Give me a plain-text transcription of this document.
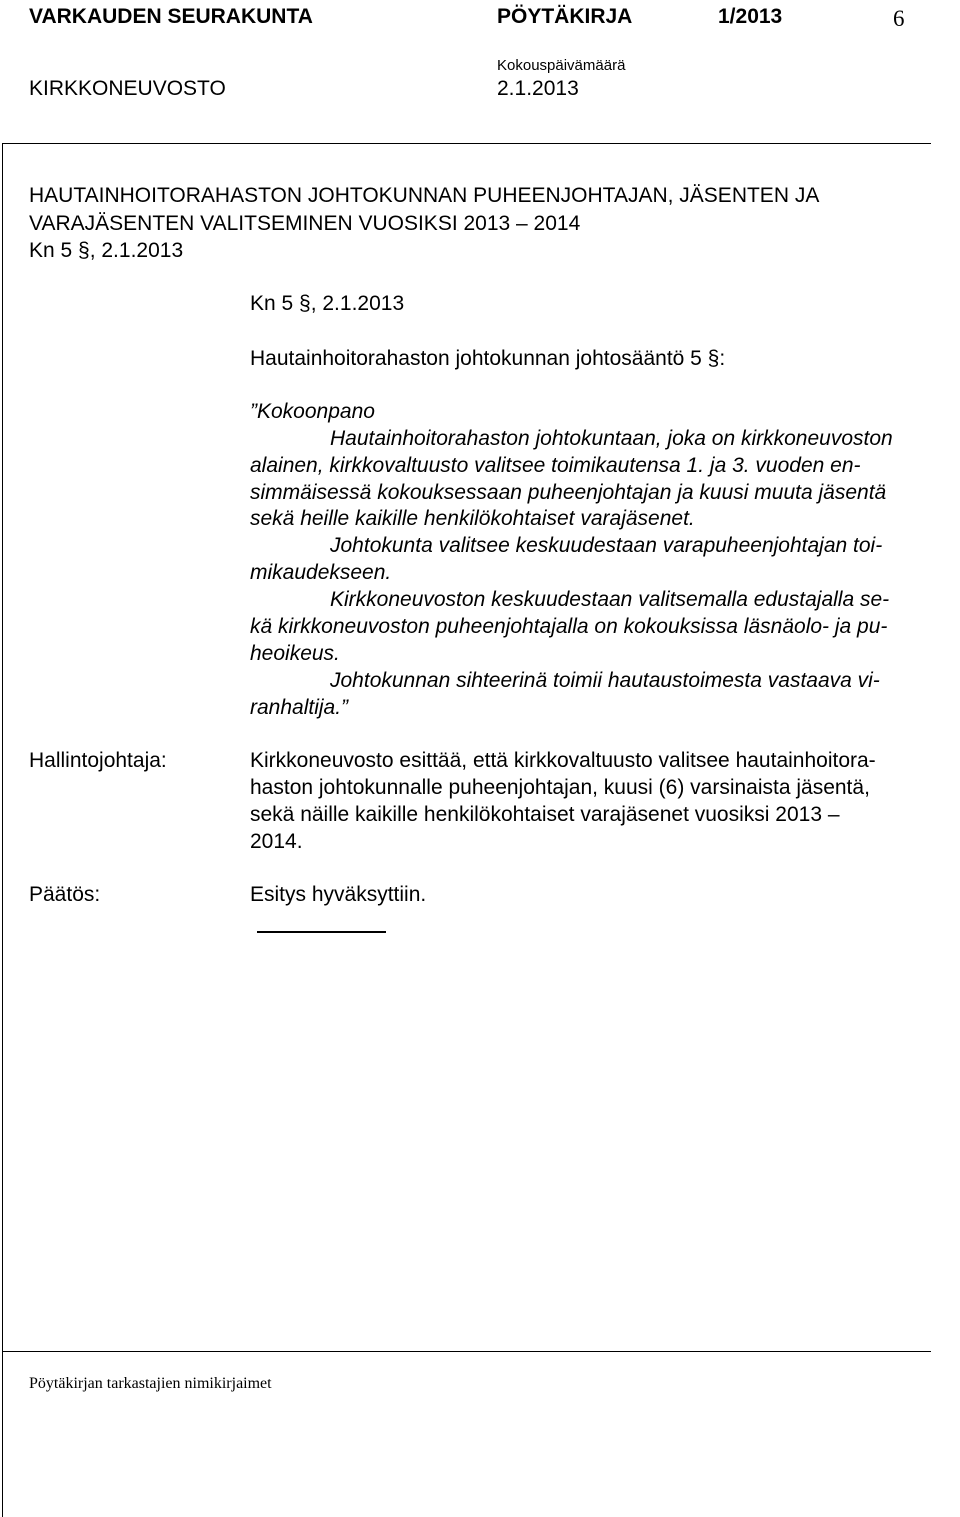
VARKAUDEN SEURAKUNTA	PÖYTÄKIRJA	1/2013	6
Kokouspäivämäärä
KIRKKONEUVOSTO	2.1.2013
HAUTAINHOITORAHASTON JOHTOKUNNAN PUHEENJOHTAJAN, JÄSENTEN JA
VARAJÄSENTEN VALITSEMINEN VUOSIKSI 2013 – 2014
Kn 5 §, 2.1.2013
Kn 5 §, 2.1.2013
Hautainhoitorahaston johtokunnan johtosääntö 5 §:
”Kokoonpano
Hautainhoitorahaston johtokuntaan, joka on kirkkoneuvoston
alainen, kirkkovaltuusto valitsee toimikautensa 1. ja 3. vuoden en-
simmäisessä kokouksessaan puheenjohtajan ja kuusi muuta jäsentä
sekä heille kaikille henkilökohtaiset varajäsenet.
Johtokunta valitsee keskuudestaan varapuheenjohtajan toi-
mikaudekseen.
Kirkkoneuvoston keskuudestaan valitsemalla edustajalla se-
kä kirkkoneuvoston puheenjohtajalla on kokouksissa läsnäolo- ja pu-
heoikeus.
Johtokunnan sihteerinä toimii hautaustoimesta vastaava vi-
ranhaltija.”
Hallintojohtaja:	Kirkkoneuvosto esittää, että kirkkovaltuusto valitsee hautainhoitora-
haston johtokunnalle puheenjohtajan, kuusi (6) varsinaista jäsentä,
sekä näille kaikille henkilökohtaiset varajäsenet vuosiksi 2013 –
2014.
Päätös:	Esitys hyväksyttiin.
Pöytäkirjan tarkastajien nimikirjaimet
